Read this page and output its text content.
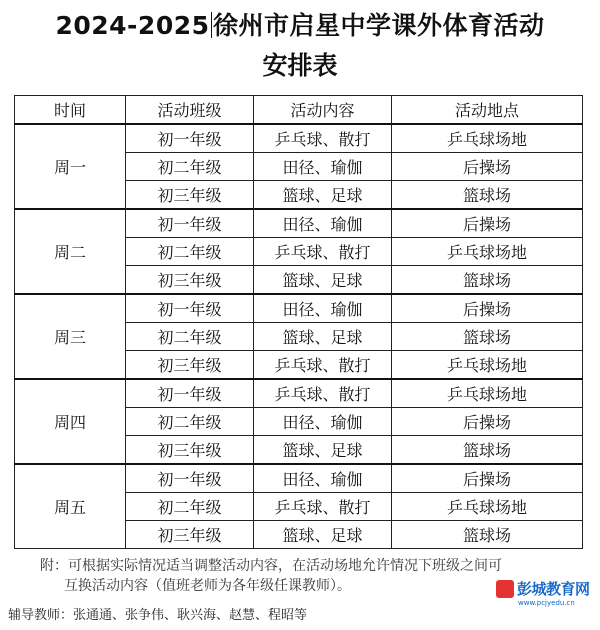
2024-2025 徐州市启星中学课外体育活动
安排表
时间	活动班级	活动内容	活动地点
周一	初一年级	乒乓球、散打	乒乓球场地
	初二年级	田径、瑜伽	后操场
	初三年级	篮球、足球	篮球场
周二	初一年级	田径、瑜伽	后操场
	初二年级	乒乓球、散打	乒乓球场地
	初三年级	篮球、足球	篮球场
周三	初一年级	田径、瑜伽	后操场
	初二年级	篮球、足球	篮球场
	初三年级	乒乓球、散打	乒乓球场地
周四	初一年级	乒乓球、散打	乒乓球场地
	初二年级	田径、瑜伽	后操场
	初三年级	篮球、足球	篮球场
周五	初一年级	田径、瑜伽	后操场
	初二年级	乒乓球、散打	乒乓球场地
	初三年级	篮球、足球	篮球场
附：可根据实际情况适当调整活动内容，在活动场地允许情况下班级之间可
互换活动内容（值班老师为各年级任课教师）。
辅导教师：张通通、张争伟、耿兴海、赵慧、程昭等
彭城教育网
www.pcjyedu.cn
